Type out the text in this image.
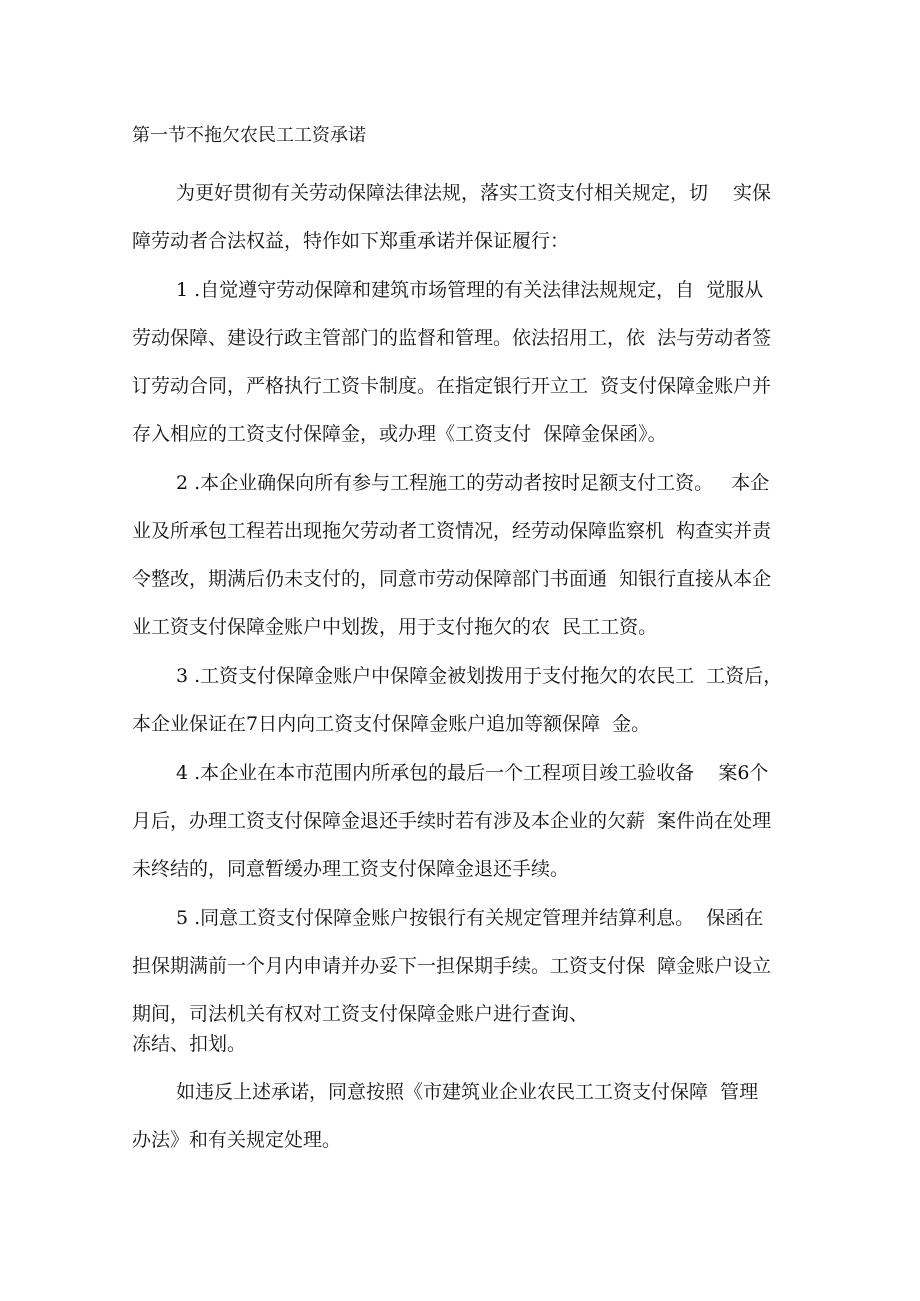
第一节不拖欠农民工工资承诺
为更好贯彻有关劳动保障法律法规，落实工资支付相关规定，切　 实保
障劳动者合法权益，特作如下郑重承诺并保证履行：
1 .自觉遵守劳动保障和建筑市场管理的有关法律法规规定，自  觉服从
劳动保障、建设行政主管部门的监督和管理。依法招用工，依  法与劳动者签
订劳动合同，严格执行工资卡制度。在指定银行开立工  资支付保障金账户并
存入相应的工资支付保障金，或办理《工资支付  保障金保函》。
2 .本企业确保向所有参与工程施工的劳动者按时足额支付工资。   本企
业及所承包工程若出现拖欠劳动者工资情况，经劳动保障监察机  构查实并责
令整改，期满后仍未支付的，同意市劳动保障部门书面通  知银行直接从本企
业工资支付保障金账户中划拨，用于支付拖欠的农  民工工资。
3 .工资支付保障金账户中保障金被划拨用于支付拖欠的农民工  工资后，
本企业保证在7日内向工资支付保障金账户追加等额保障  金。
4 .本企业在本市范围内所承包的最后一个工程项目竣工验收备    案6个
月后，办理工资支付保障金退还手续时若有涉及本企业的欠薪  案件尚在处理
未终结的，同意暂缓办理工资支付保障金退还手续。
5 .同意工资支付保障金账户按银行有关规定管理并结算利息。  保函在
担保期满前一个月内申请并办妥下一担保期手续。工资支付保  障金账户设立
期间，司法机关有权对工资支付保障金账户进行查询、
冻结、扣划。
如违反上述承诺，同意按照《市建筑业企业农民工工资支付保障  管理
办法》和有关规定处理。
